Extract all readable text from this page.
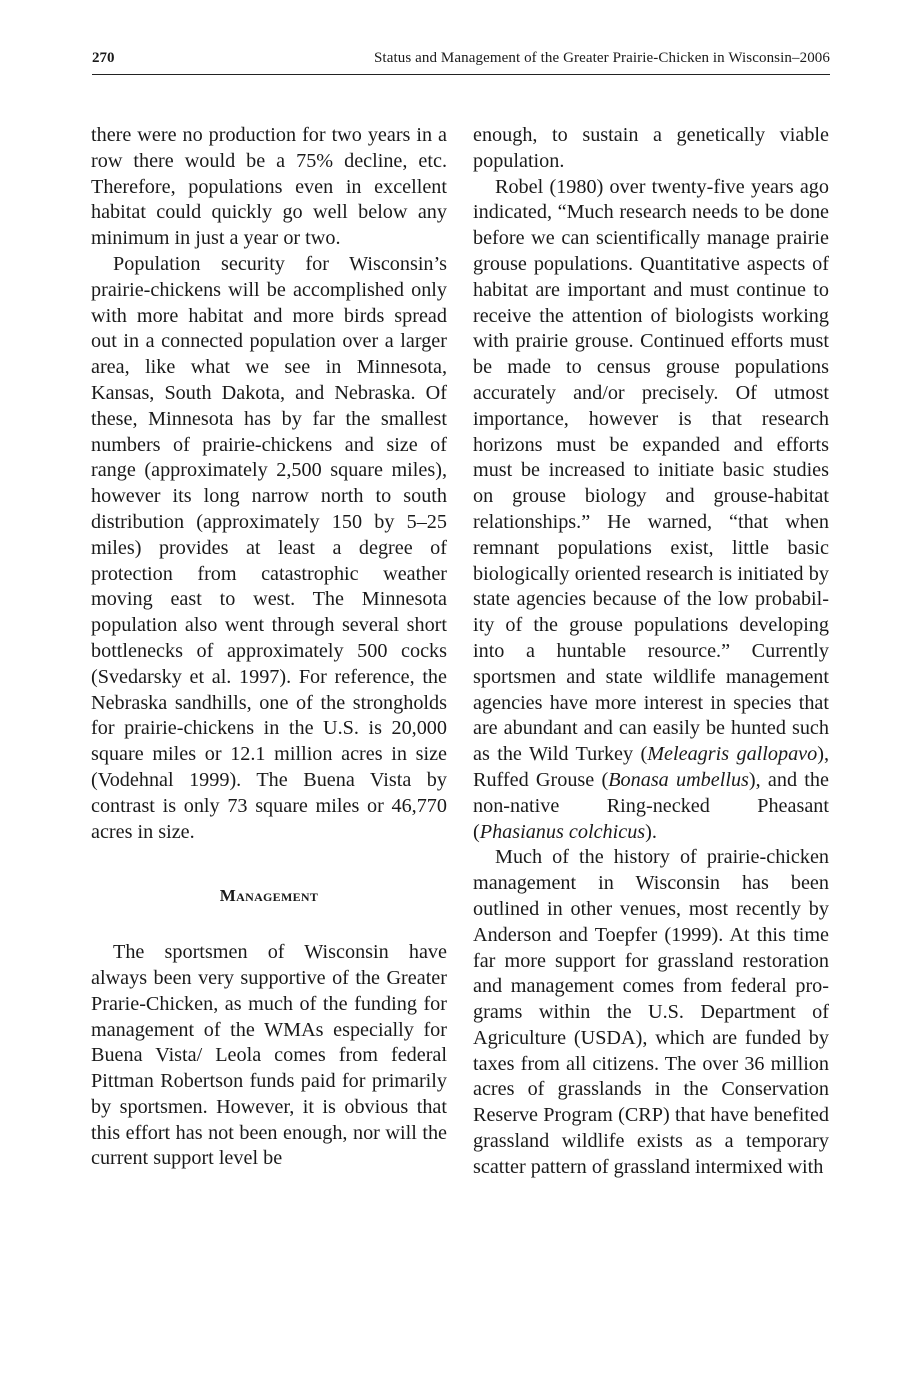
270	Status and Management of the Greater Prairie-Chicken in Wisconsin–2006

there were no production for two years in a row there would be a 75% decline, etc. Therefore, populations even in excellent habitat could quickly go well below any minimum in just a year or two.

Population security for Wisconsin’s prairie-chickens will be accomplished only with more habitat and more birds spread out in a connected population over a larger area, like what we see in Minnesota, Kansas, South Dakota, and Nebraska. Of these, Minnesota has by far the smallest numbers of prairie-chickens and size of range (approximately 2,500 square miles), however its long narrow north to south distribution (approximately 150 by 5–25 miles) provides at least a degree of protection from catastrophic weather moving east to west. The Minnesota population also went through several short bottlenecks of approximately 500 cocks (Svedarsky et al. 1997). For reference, the Nebraska sandhills, one of the strongholds for prairie-chickens in the U.S. is 20,000 square miles or 12.1 million acres in size (Vodehnal 1999). The Buena Vista by contrast is only 73 square miles or 46,770 acres in size.

Management

The sportsmen of Wisconsin have always been very supportive of the Greater Prarie-Chicken, as much of the funding for management of the WMAs especially for Buena Vista/ Leola comes from federal Pittman Robertson funds paid for primarily by sportsmen. However, it is obvious that this effort has not been enough, nor will the current support level be

enough, to sustain a genetically viable population.

Robel (1980) over twenty-five years ago indicated, “Much research needs to be done before we can scientifically manage prairie grouse populations. Quantitative aspects of habitat are important and must continue to receive the attention of biologists working with prairie grouse. Continued efforts must be made to census grouse populations accurately and/or precisely. Of utmost importance, however is that research horizons must be expanded and efforts must be increased to initiate basic studies on grouse biology and grouse-habitat relationships.” He warned, “that when remnant populations exist, little basic biologically oriented research is initiated by state agencies because of the low probability of the grouse populations developing into a huntable resource.” Currently sportsmen and state wildlife management agencies have more interest in species that are abundant and can easily be hunted such as the Wild Turkey (Meleagris gallopavo), Ruffed Grouse (Bonasa umbellus), and the non-native Ring-necked Pheasant (Phasianus colchicus).

Much of the history of prairie-chicken management in Wisconsin has been outlined in other venues, most recently by Anderson and Toepfer (1999). At this time far more support for grassland restoration and management comes from federal programs within the U.S. Department of Agriculture (USDA), which are funded by taxes from all citizens. The over 36 million acres of grasslands in the Conservation Reserve Program (CRP) that have benefited grassland wildlife exists as a temporary scatter pattern of grassland intermixed with
